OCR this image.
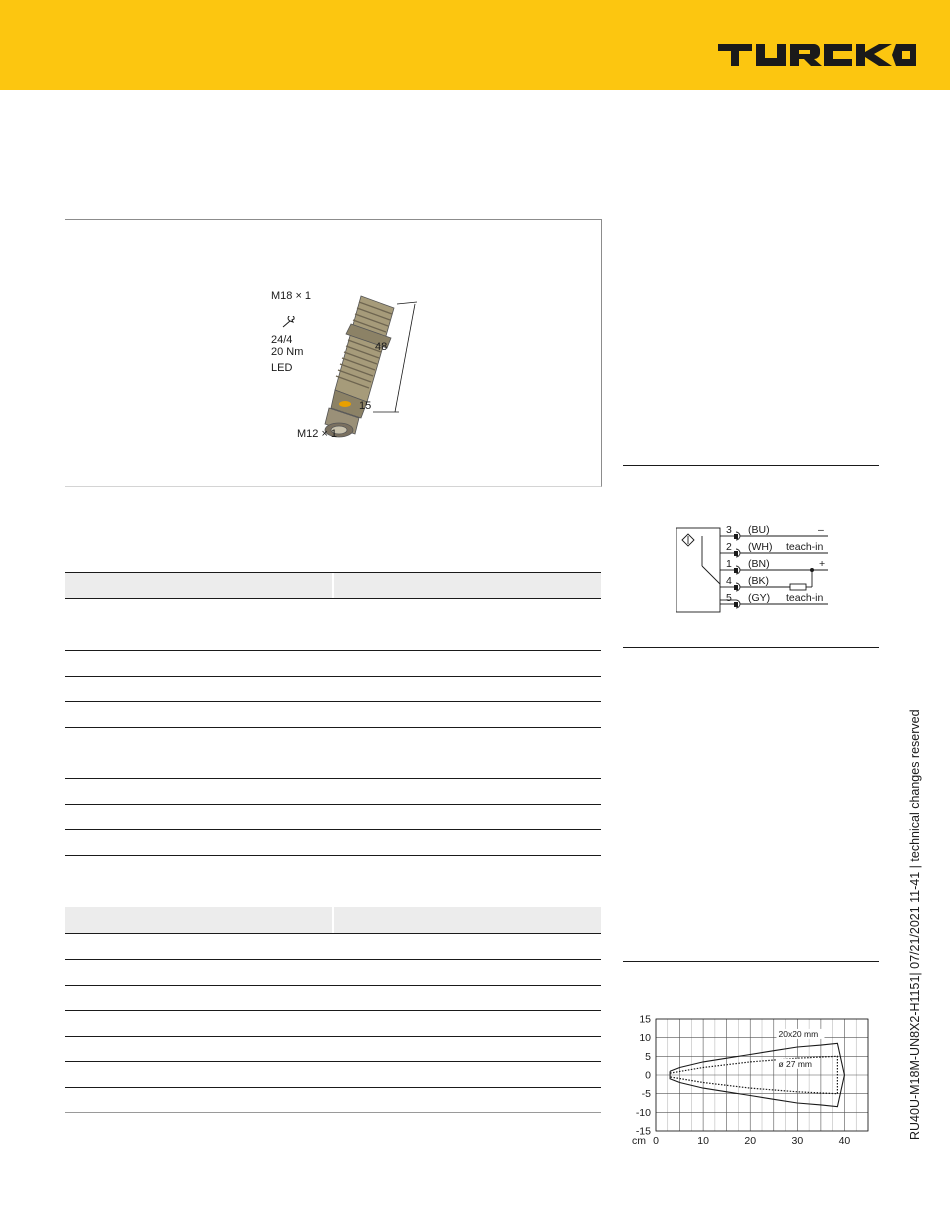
M18 × 1
24/4
20 Nm
LED
48
15
M12 × 1
3 (BU)	–
2 (WH) teach-in
1 (BN)	+
4 (BK)
5 (GY) teach-in
15
10
5
0
-5
-10
-15
0	10	20	30	40
cm
20x20 mm
ø 27 mm	RU40U-M18M-UN8X2-H1151| 07/21/2021 11-41 | technical changes reserved
